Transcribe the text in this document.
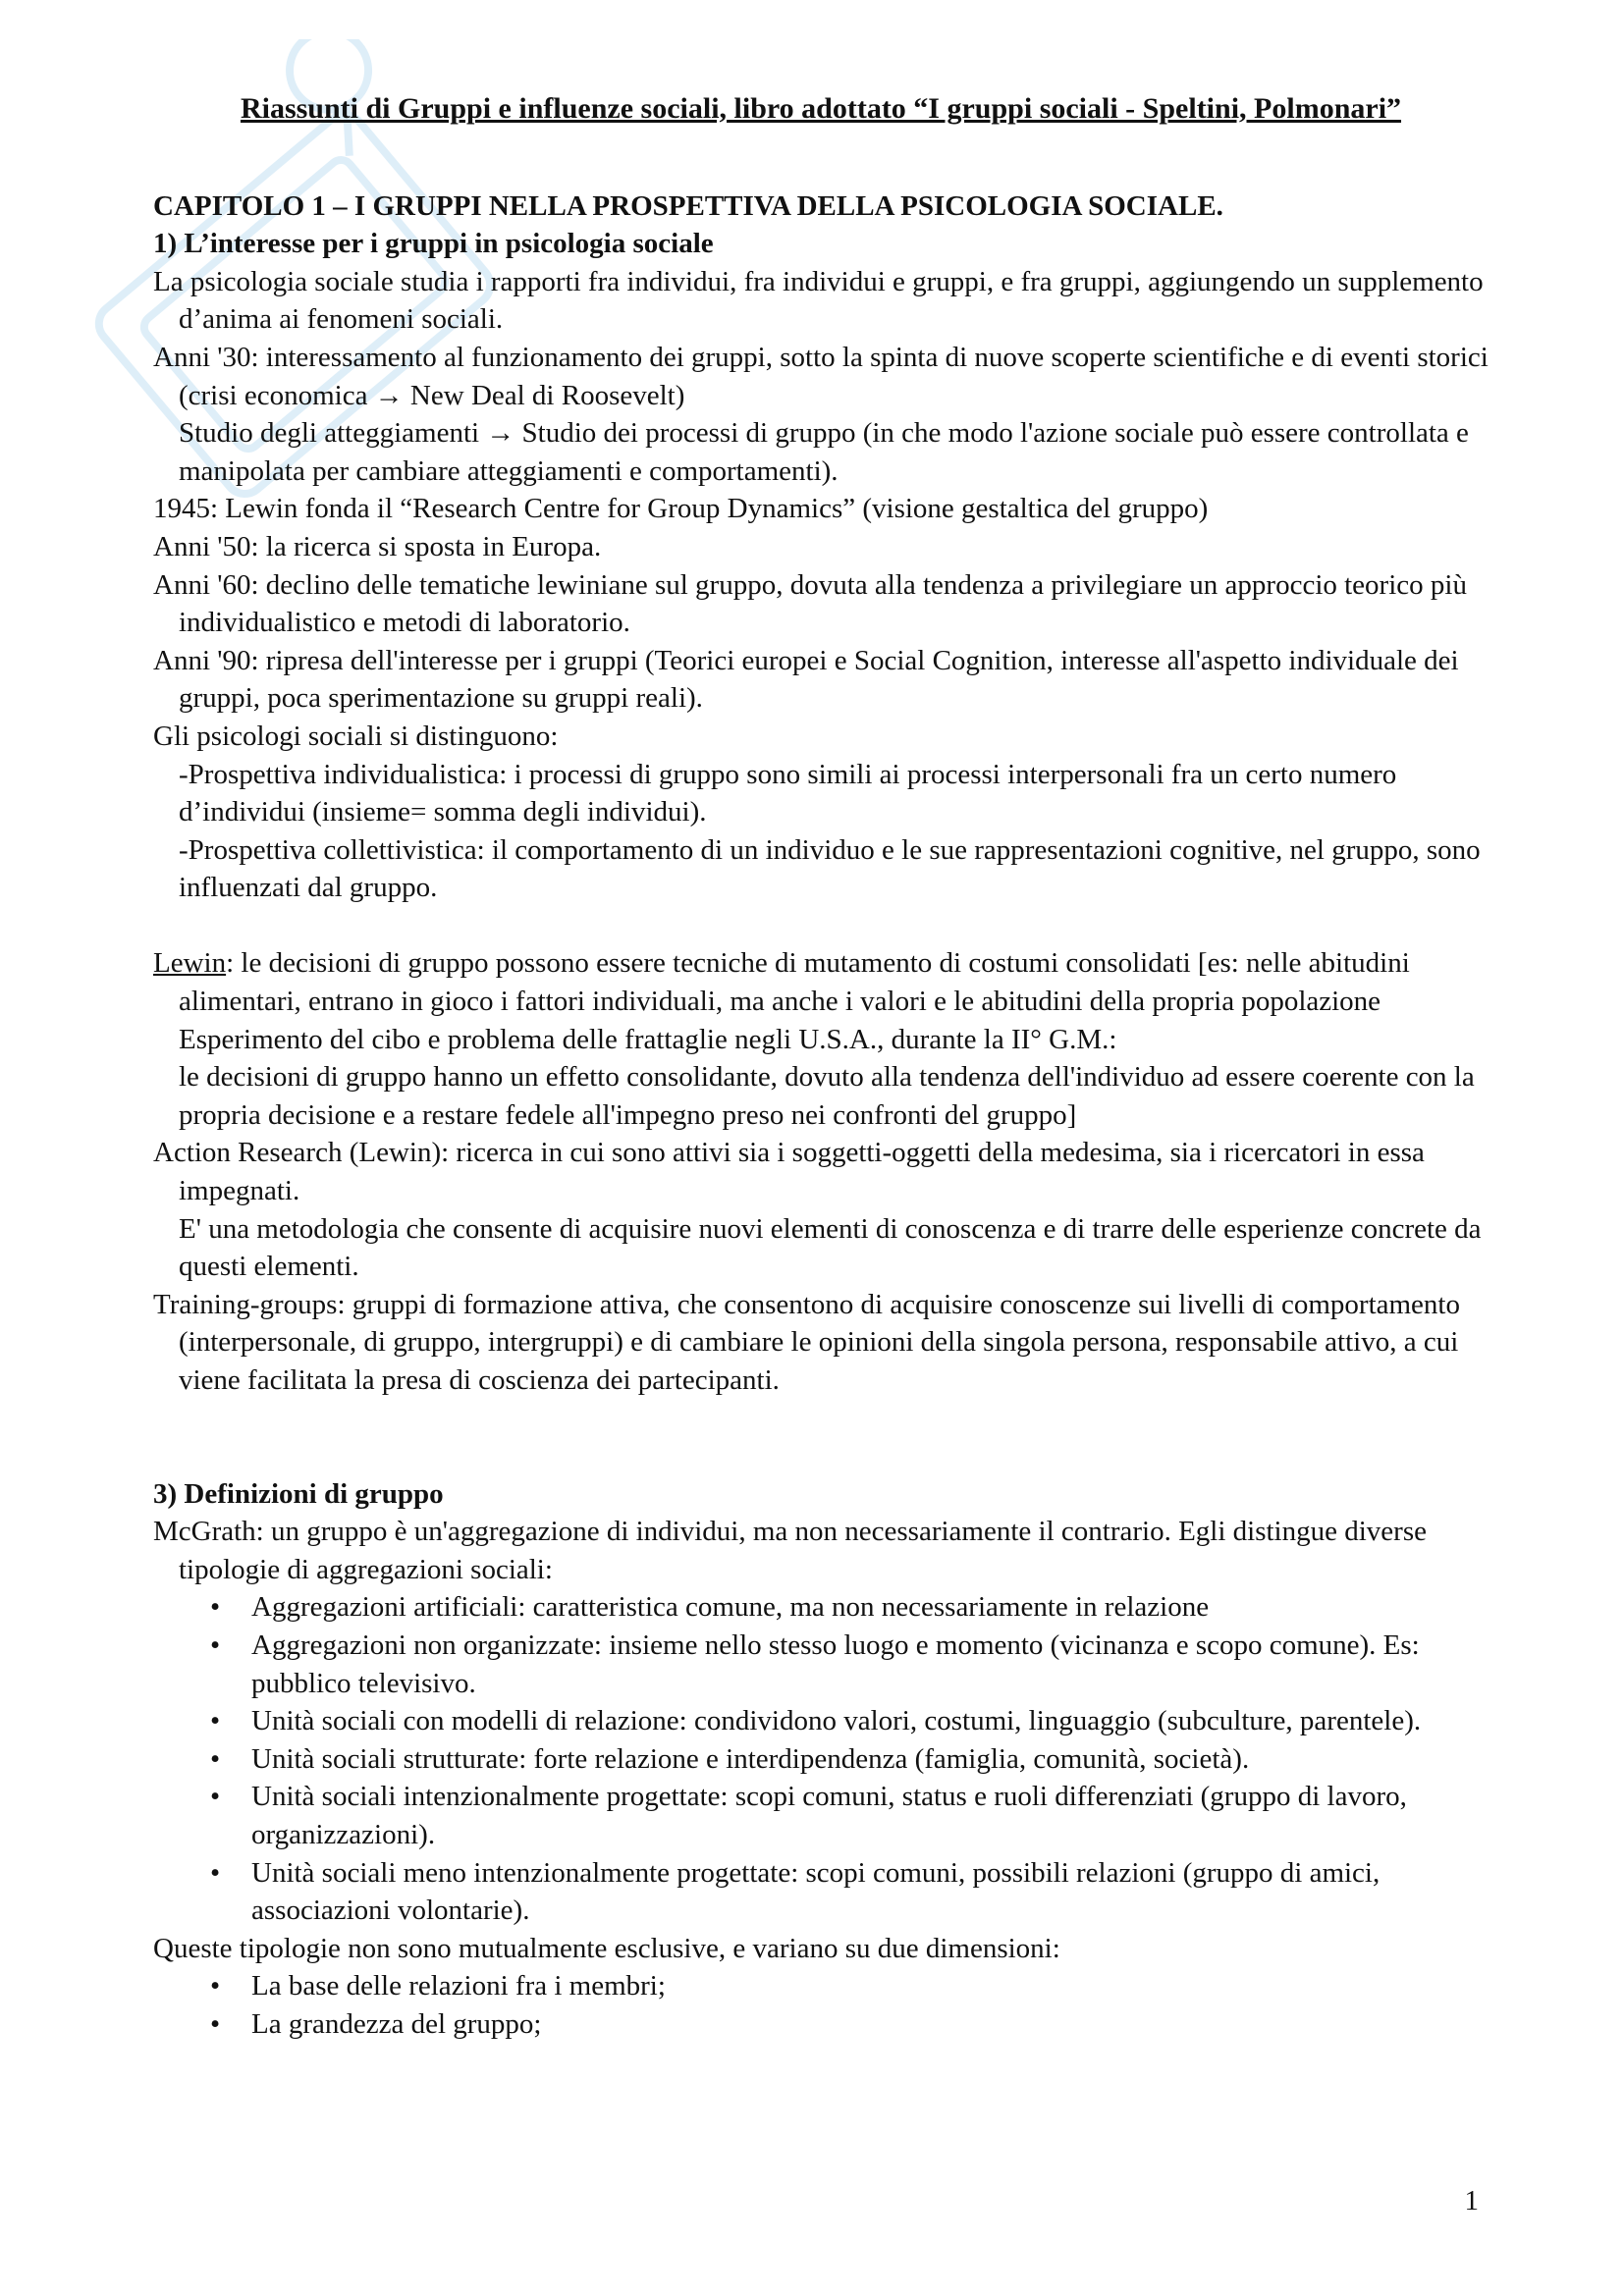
Riassunti di Gruppi e influenze sociali, libro adottato “I gruppi sociali - Speltini, Polmonari”

CAPITOLO 1 – I GRUPPI NELLA PROSPETTIVA DELLA PSICOLOGIA SOCIALE.

1) L’interesse per i gruppi in psicologia sociale

La psicologia sociale studia i rapporti fra individui, fra individui e gruppi, e fra gruppi, aggiungendo un supplemento d’anima ai fenomeni sociali.

Anni '30: interessamento al funzionamento dei gruppi, sotto la spinta di nuove scoperte scientifiche e di eventi storici (crisi economica → New Deal di Roosevelt)

Studio degli atteggiamenti → Studio dei processi di gruppo (in che modo l'azione sociale può essere controllata e manipolata per cambiare atteggiamenti e comportamenti).

1945: Lewin fonda il “Research Centre for Group Dynamics” (visione gestaltica del gruppo)

Anni '50: la ricerca si sposta in Europa.

Anni '60: declino delle tematiche lewiniane sul gruppo, dovuta alla tendenza a privilegiare un approccio teorico più individualistico e metodi di laboratorio.

Anni '90: ripresa dell'interesse per i gruppi (Teorici europei e Social Cognition, interesse all'aspetto individuale dei gruppi, poca sperimentazione su gruppi reali).

Gli psicologi sociali si distinguono:

-Prospettiva individualistica: i processi di gruppo sono simili ai processi interpersonali fra un certo numero d’individui (insieme= somma degli individui).

-Prospettiva collettivistica: il comportamento di un individuo e le sue rappresentazioni cognitive, nel gruppo, sono influenzati dal gruppo.

Lewin: le decisioni di gruppo possono essere tecniche di mutamento di costumi consolidati [es: nelle abitudini alimentari, entrano in gioco i fattori individuali, ma anche i valori e le abitudini della propria popolazione

Esperimento del cibo e problema delle frattaglie negli U.S.A., durante la II° G.M.:

le decisioni di gruppo hanno un effetto consolidante, dovuto alla tendenza dell'individuo ad essere coerente con la propria decisione e a restare fedele all'impegno preso nei confronti del gruppo]

Action Research (Lewin): ricerca in cui sono attivi sia i soggetti-oggetti della medesima, sia i ricercatori in essa impegnati.

E' una metodologia che consente di acquisire nuovi elementi di conoscenza e di trarre delle esperienze concrete da questi elementi.

Training-groups: gruppi di formazione attiva, che consentono di acquisire conoscenze sui livelli di comportamento (interpersonale, di gruppo, intergruppi) e di cambiare le opinioni della singola persona, responsabile attivo, a cui viene facilitata la presa di coscienza dei partecipanti.

3) Definizioni di gruppo

McGrath: un gruppo è un'aggregazione di individui, ma non necessariamente il contrario. Egli distingue diverse tipologie di aggregazioni sociali:

• Aggregazioni artificiali: caratteristica comune, ma non necessariamente in relazione
• Aggregazioni non organizzate: insieme nello stesso luogo e momento (vicinanza e scopo comune). Es: pubblico televisivo.
• Unità sociali con modelli di relazione: condividono valori, costumi, linguaggio (subculture, parentele).
• Unità sociali strutturate: forte relazione e interdipendenza (famiglia, comunità, società).
• Unità sociali intenzionalmente progettate: scopi comuni, status e ruoli differenziati (gruppo di lavoro, organizzazioni).
• Unità sociali meno intenzionalmente progettate: scopi comuni, possibili relazioni (gruppo di amici, associazioni volontarie).

Queste tipologie non sono mutualmente esclusive, e variano su due dimensioni:

• La base delle relazioni fra i membri;
• La grandezza del gruppo;
1
